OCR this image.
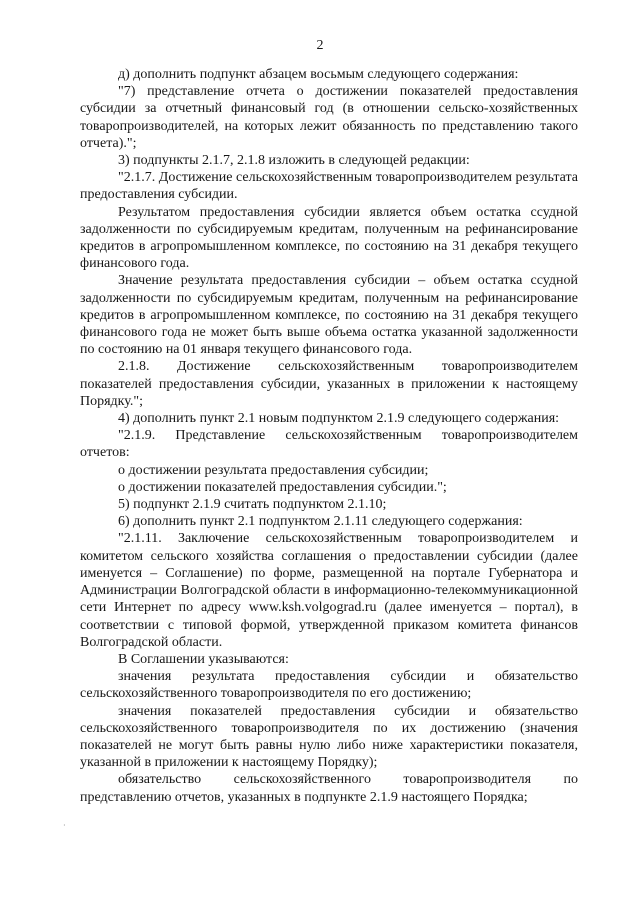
2

д) дополнить подпункт абзацем восьмым следующего содержания:

"7) представление отчета о достижении показателей предоставления субсидии за отчетный финансовый год (в отношении сельско-хозяйственных товаропроизводителей, на которых лежит обязанность по представлению такого отчета).";

3) подпункты 2.1.7, 2.1.8 изложить в следующей редакции:

"2.1.7. Достижение сельскохозяйственным товаропроизводителем результата предоставления субсидии.

Результатом предоставления субсидии является объем остатка ссудной задолженности по субсидируемым кредитам, полученным на рефинансирование кредитов в агропромышленном комплексе, по состоянию на 31 декабря текущего финансового года.

Значение результата предоставления субсидии – объем остатка ссудной задолженности по субсидируемым кредитам, полученным на рефинансирование кредитов в агропромышленном комплексе, по состоянию на 31 декабря текущего финансового года не может быть выше объема остатка указанной задолженности по состоянию на 01 января текущего финансового года.

2.1.8. Достижение сельскохозяйственным товаропроизводителем показателей предоставления субсидии, указанных в приложении к настоящему Порядку.";

4) дополнить пункт 2.1 новым подпунктом 2.1.9 следующего содержания:

"2.1.9. Представление сельскохозяйственным товаропроизводителем отчетов:

о достижении результата предоставления субсидии;

о достижении показателей предоставления субсидии.";

5) подпункт 2.1.9 считать подпунктом 2.1.10;

6) дополнить пункт 2.1 подпунктом 2.1.11 следующего содержания:

"2.1.11. Заключение сельскохозяйственным товаропроизводителем и комитетом сельского хозяйства соглашения о предоставлении субсидии (далее именуется – Соглашение) по форме, размещенной на портале Губернатора и Администрации Волгоградской области в информационно-телекоммуникационной сети Интернет по адресу www.ksh.volgograd.ru (далее именуется – портал), в соответствии с типовой формой, утвержденной приказом комитета финансов Волгоградской области.

В Соглашении указываются:

значения результата предоставления субсидии и обязательство сельскохозяйственного товаропроизводителя по его достижению;

значения показателей предоставления субсидии и обязательство сельскохозяйственного товаропроизводителя по их достижению (значения показателей не могут быть равны нулю либо ниже характеристики показателя, указанной в приложении к настоящему Порядку);

обязательство сельскохозяйственного товаропроизводителя по представлению отчетов, указанных в подпункте 2.1.9 настоящего Порядка;

·
